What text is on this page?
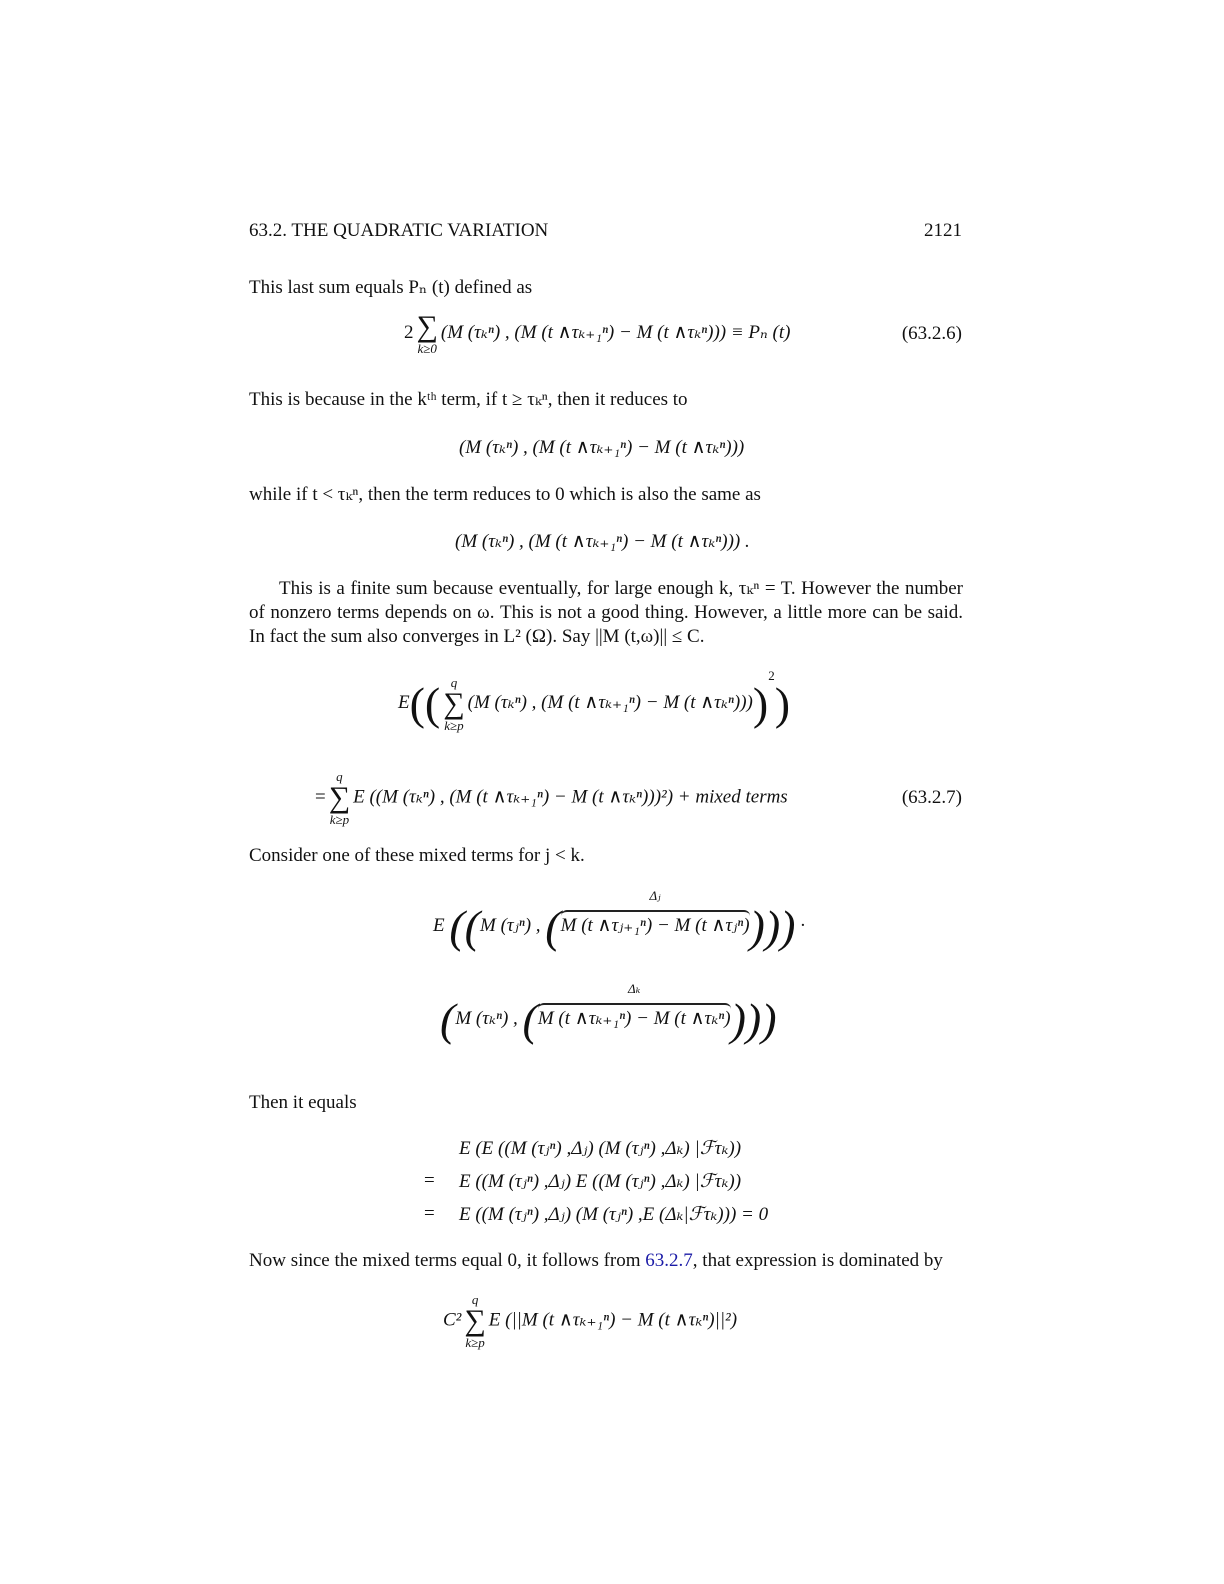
63.2. THE QUADRATIC VARIATION	2121
This last sum equals Pₙ (t) defined as
2 ∑
k≥0
(M (τₖⁿ) , (M (t ∧τₖ₊₁ⁿ) − M (t ∧τₖⁿ))) ≡ Pₙ (t)	(63.2.6)
This is because in the kᵗʰ term, if t ≥ τₖⁿ, then it reduces to
(M (τₖⁿ) , (M (t ∧τₖ₊₁ⁿ) − M (t ∧τₖⁿ)))
while if t < τₖⁿ, then the term reduces to 0 which is also the same as
(M (τₖⁿ) , (M (t ∧τₖ₊₁ⁿ) − M (t ∧τₖⁿ))) .
This is a finite sum because eventually, for large enough k, τₖⁿ = T. However the number of nonzero terms depends on ω. This is not a good thing. However, a little more can be said. In fact the sum also converges in L² (Ω). Say ||M (t,ω)|| ≤ C.
E(( q
∑
k≥p
(M (τₖⁿ) , (M (t ∧τₖ₊₁ⁿ) − M (t ∧τₖⁿ))))$^2$)
=
q
∑
k≥p
E ((M (τₖⁿ) , (M (t ∧τₖ₊₁ⁿ) − M (t ∧τₖⁿ)))²) + mixed terms	(63.2.7)
Consider one of these mixed terms for j < k.
E ((M (τⱼⁿ) , (
Δⱼ
M (t ∧τⱼ₊₁ⁿ) − M (t ∧τⱼⁿ)))) ·
(M (τₖⁿ) , (
Δₖ
M (t ∧τₖ₊₁ⁿ) − M (t ∧τₖⁿ))))
Then it equals
E (E ((M (τⱼⁿ) ,Δⱼ) (M (τⱼⁿ) ,Δₖ) |ℱτₖ))
= E ((M (τⱼⁿ) ,Δⱼ) E ((M (τⱼⁿ) ,Δₖ) |ℱτₖ))
= E ((M (τⱼⁿ) ,Δⱼ) (M (τⱼⁿ) ,E (Δₖ|ℱτₖ))) = 0
Now since the mixed terms equal 0, it follows from 63.2.7, that expression is dominated by
C²
q
∑
k≥p
E (||M (t ∧τₖ₊₁ⁿ) − M (t ∧τₖⁿ)||²)
